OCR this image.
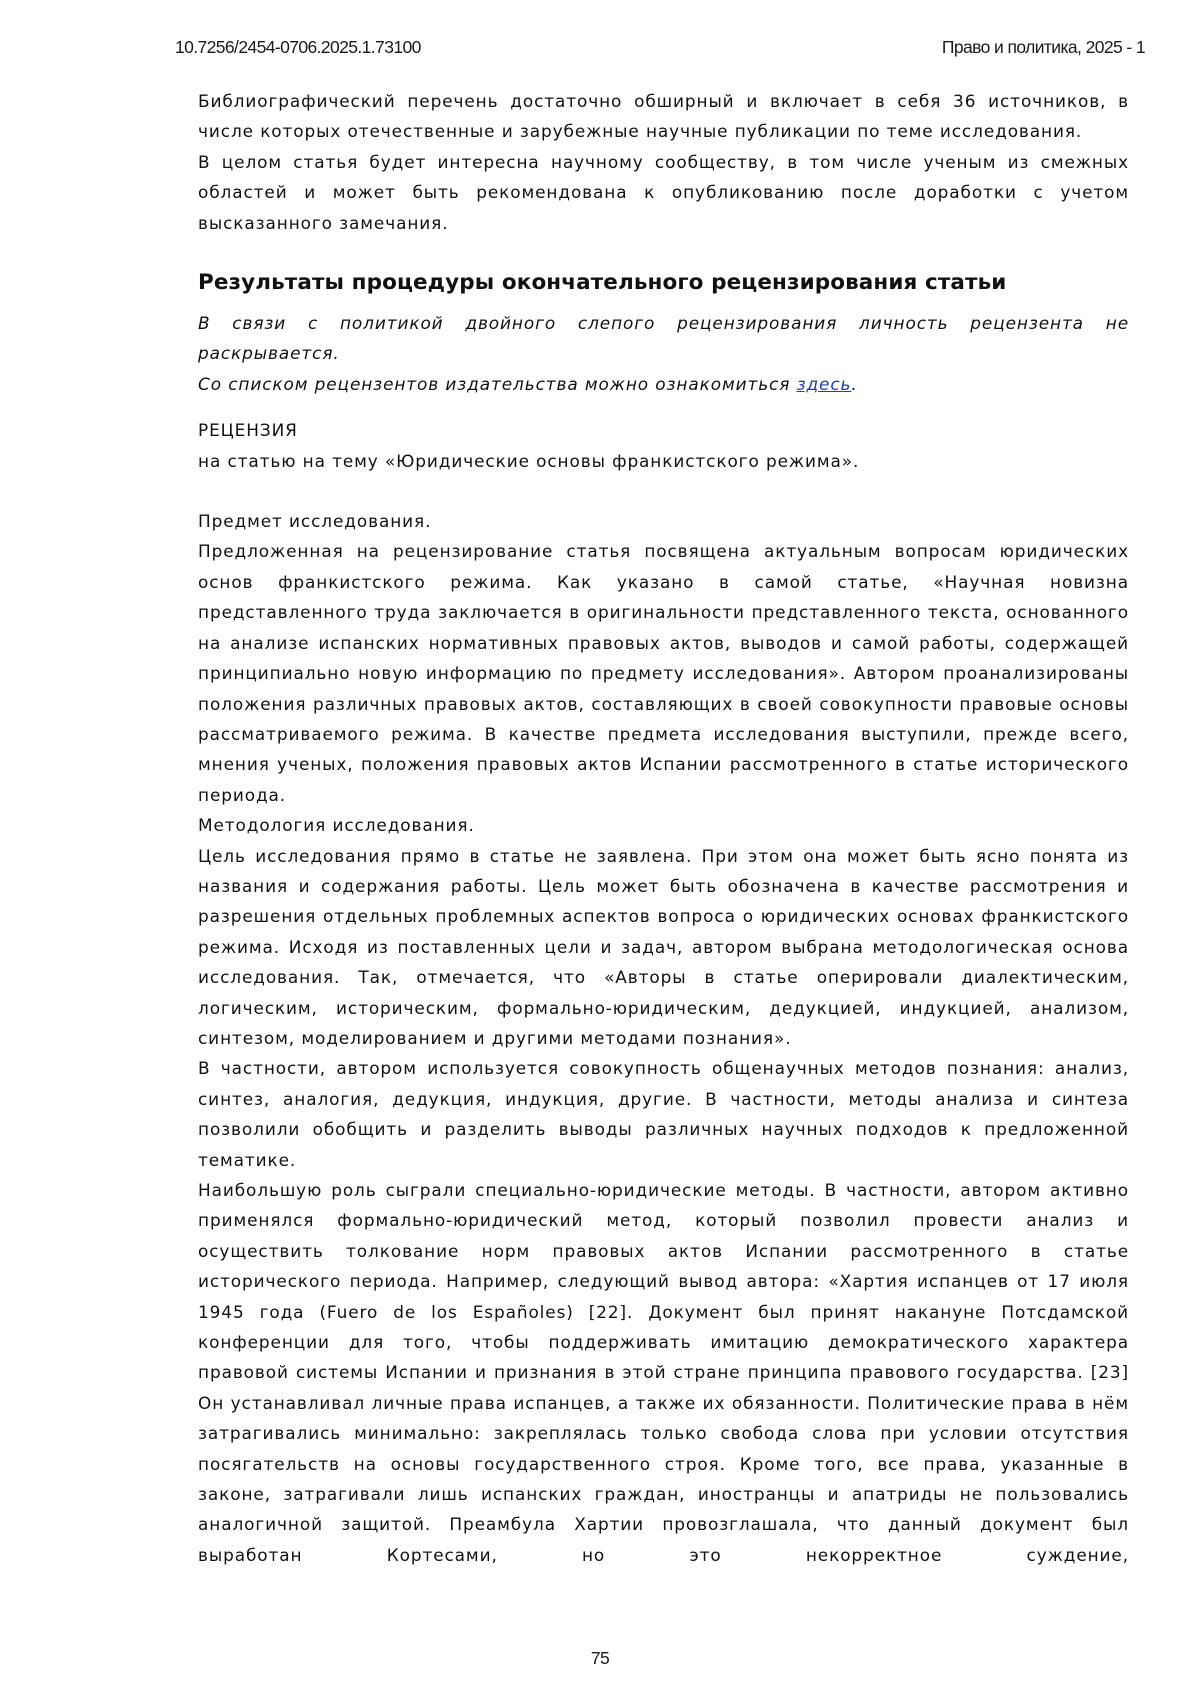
10.7256/2454-0706.2025.1.73100	Право и политика, 2025 - 1

Библиографический перечень достаточно обширный и включает в себя 36 источников, в числе которых отечественные и зарубежные научные публикации по теме исследования.

В целом статья будет интересна научному сообществу, в том числе ученым из смежных областей и может быть рекомендована к опубликованию после доработки с учетом высказанного замечания.

Результаты процедуры окончательного рецензирования статьи

В связи с политикой двойного слепого рецензирования личность рецензента не раскрывается.

Со списком рецензентов издательства можно ознакомиться здесь.

РЕЦЕНЗИЯ

на статью на тему «Юридические основы франкистского режима».

Предмет исследования.

Предложенная на рецензирование статья посвящена актуальным вопросам юридических основ франкистского режима. Как указано в самой статье, «Научная новизна представленного труда заключается в оригинальности представленного текста, основанного на анализе испанских нормативных правовых актов, выводов и самой работы, содержащей принципиально новую информацию по предмету исследования». Автором проанализированы положения различных правовых актов, составляющих в своей совокупности правовые основы рассматриваемого режима. В качестве предмета исследования выступили, прежде всего, мнения ученых, положения правовых актов Испании рассмотренного в статье исторического периода.

Методология исследования.

Цель исследования прямо в статье не заявлена. При этом она может быть ясно понята из названия и содержания работы. Цель может быть обозначена в качестве рассмотрения и разрешения отдельных проблемных аспектов вопроса о юридических основах франкистского режима. Исходя из поставленных цели и задач, автором выбрана методологическая основа исследования. Так, отмечается, что «Авторы в статье оперировали диалектическим, логическим, историческим, формально-юридическим, дедукцией, индукцией, анализом, синтезом, моделированием и другими методами познания».

В частности, автором используется совокупность общенаучных методов познания: анализ, синтез, аналогия, дедукция, индукция, другие. В частности, методы анализа и синтеза позволили обобщить и разделить выводы различных научных подходов к предложенной тематике.

Наибольшую роль сыграли специально-юридические методы. В частности, автором активно применялся формально-юридический метод, который позволил провести анализ и осуществить толкование норм правовых актов Испании рассмотренного в статье исторического периода. Например, следующий вывод автора: «Хартия испанцев от 17 июля 1945 года (Fuero de los Españoles) [22]. Документ был принят накануне Потсдамской конференции для того, чтобы поддерживать имитацию демократического характера правовой системы Испании и признания в этой стране принципа правового государства. [23] Он устанавливал личные права испанцев, а также их обязанности. Политические права в нём затрагивались минимально: закреплялась только свобода слова при условии отсутствия посягательств на основы государственного строя. Кроме того, все права, указанные в законе, затрагивали лишь испанских граждан, иностранцы и апатриды не пользовались аналогичной защитой. Преамбула Хартии провозглашала, что данный документ был выработан Кортесами, но это некорректное суждение,

75
